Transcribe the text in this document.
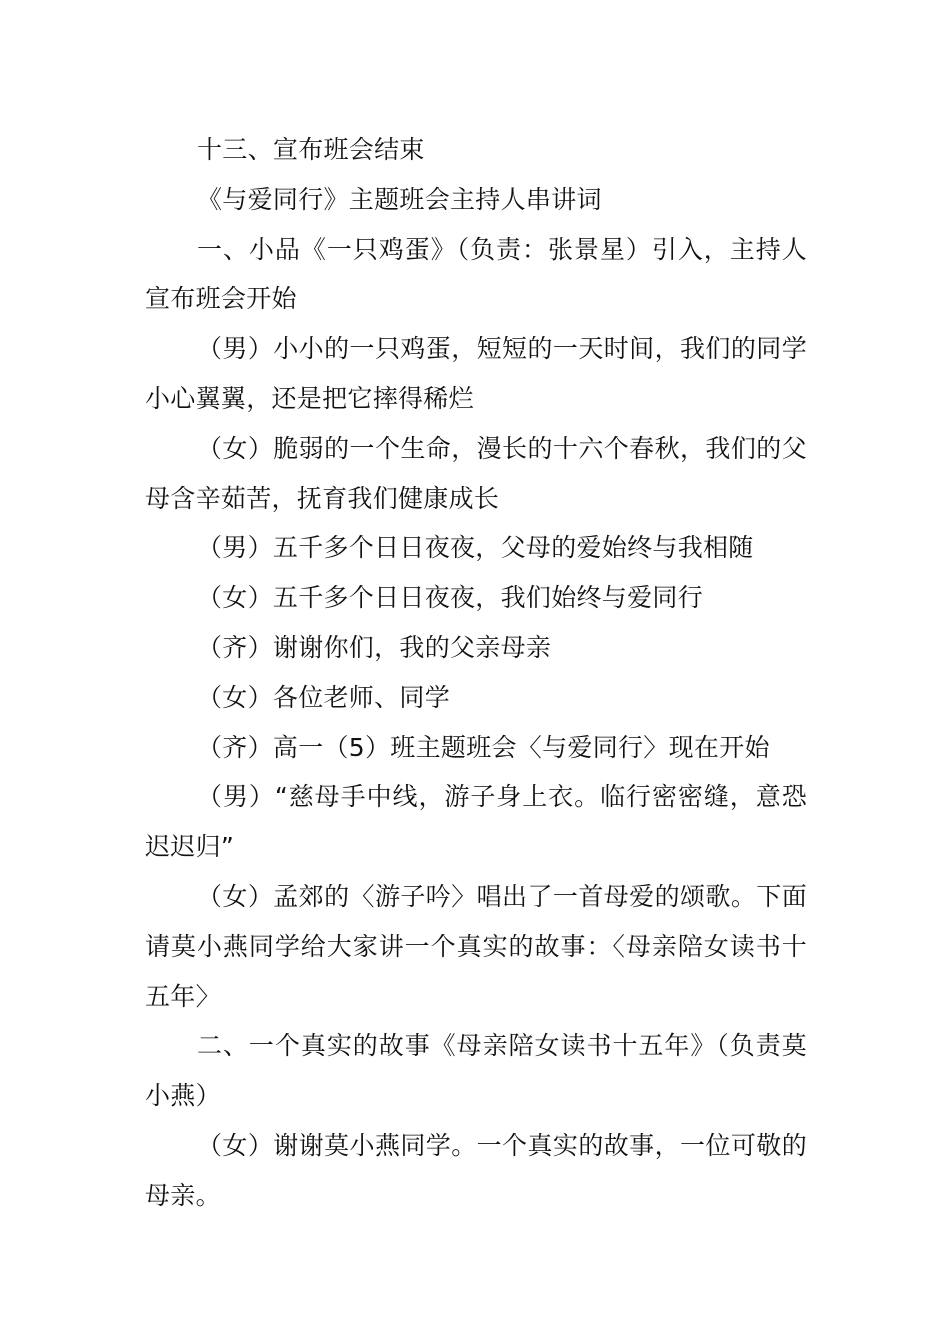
十三、宣布班会结束

《与爱同行》主题班会主持人串讲词

一、小品《一只鸡蛋》（负责：张景星）引入，主持人宣布班会开始

（男）小小的一只鸡蛋，短短的一天时间，我们的同学小心翼翼，还是把它摔得稀烂

（女）脆弱的一个生命，漫长的十六个春秋，我们的父母含辛茹苦，抚育我们健康成长

（男）五千多个日日夜夜，父母的爱始终与我相随

（女）五千多个日日夜夜，我们始终与爱同行

（齐）谢谢你们，我的父亲母亲

（女）各位老师、同学

（齐）高一（5）班主题班会〈与爱同行〉现在开始

（男）“慈母手中线，游子身上衣。临行密密缝，意恐迟迟归”

（女）孟郊的〈游子吟〉唱出了一首母爱的颂歌。下面请莫小燕同学给大家讲一个真实的故事：〈母亲陪女读书十五年〉

二、一个真实的故事《母亲陪女读书十五年》（负责莫小燕）

（女）谢谢莫小燕同学。一个真实的故事，一位可敬的母亲。
